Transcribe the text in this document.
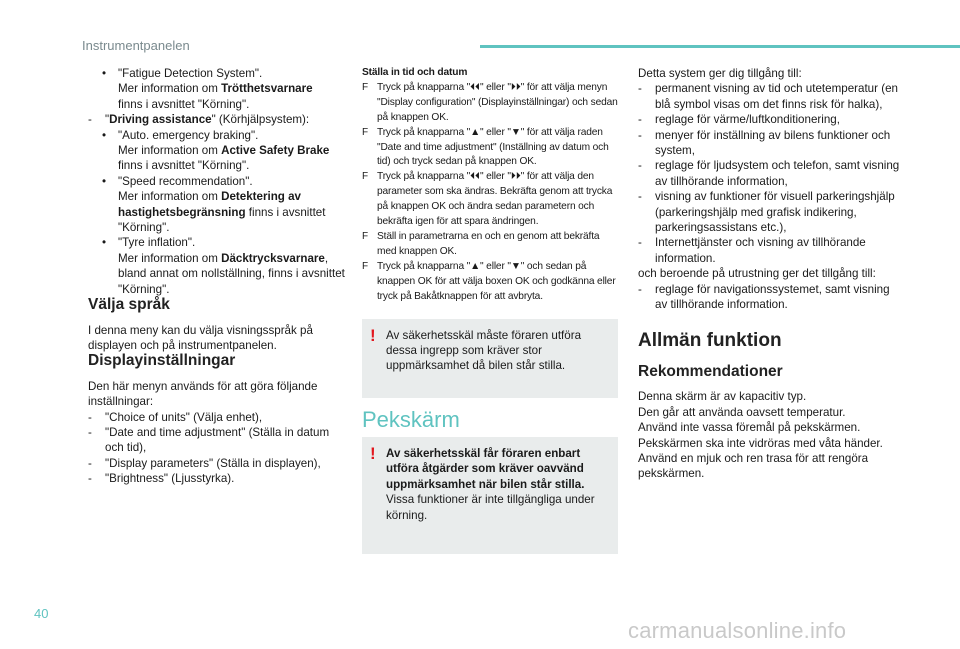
Instrumentpanelen
• "Fatigue Detection System".
Mer information om Trötthetsvarnare
finns i avsnittet "Körning".
- "Driving assistance" (Körhjälpsystem):
• "Auto. emergency braking".
Mer information om Active Safety Brake
finns i avsnittet "Körning".
• "Speed recommendation".
Mer information om Detektering av hastighetsbegränsning finns i avsnittet "Körning".
• "Tyre inflation".
Mer information om Däcktrycksvarnare, bland annat om nollställning, finns i avsnittet "Körning".
Välja språk
I denna meny kan du välja visningsspråk på displayen och på instrumentpanelen.
Displayinställningar
Den här menyn används för att göra följande inställningar:
- "Choice of units" (Välja enhet),
- "Date and time adjustment" (Ställa in datum och tid),
- "Display parameters" (Ställa in displayen),
- "Brightness" (Ljusstyrka).
Ställa in tid och datum
F Tryck på knapparna "⏴⏴" eller "⏵⏵" för att välja menyn "Display configuration" (Displayinställningar) och sedan på knappen OK.
F Tryck på knapparna "▲" eller "▼" för att välja raden "Date and time adjustment" (Inställning av datum och tid) och tryck sedan på knappen OK.
F Tryck på knapparna "⏴⏴" eller "⏵⏵" för att välja den parameter som ska ändras. Bekräfta genom att trycka på knappen OK och ändra sedan parametern och bekräfta igen för att spara ändringen.
F Ställ in parametrarna en och en genom att bekräfta med knappen OK.
F Tryck på knapparna "▲" eller "▼" och sedan på knappen OK för att välja boxen OK och godkänna eller tryck på Bakåtknappen för att avbryta.
! Av säkerhetsskäl måste föraren utföra dessa ingrepp som kräver stor uppmärksamhet då bilen står stilla.
Pekskärm
! Av säkerhetsskäl får föraren enbart utföra åtgärder som kräver oavvänd uppmärksamhet när bilen står stilla.
Vissa funktioner är inte tillgängliga under körning.
Detta system ger dig tillgång till:
- permanent visning av tid och utetemperatur (en blå symbol visas om det finns risk för halka),
- reglage för värme/luftkonditionering,
- menyer för inställning av bilens funktioner och system,
- reglage för ljudsystem och telefon, samt visning av tillhörande information,
- visning av funktioner för visuell parkeringshjälp (parkeringshjälp med grafisk indikering, parkeringsassistans etc.),
- Internettjänster och visning av tillhörande information.
och beroende på utrustning ger det tillgång till:
- reglage för navigationssystemet, samt visning av tillhörande information.
Allmän funktion
Rekommendationer
Denna skärm är av kapacitiv typ.
Den går att använda oavsett temperatur.
Använd inte vassa föremål på pekskärmen.
Pekskärmen ska inte vidröras med våta händer.
Använd en mjuk och ren trasa för att rengöra pekskärmen.
40
carmanualsonline.info
